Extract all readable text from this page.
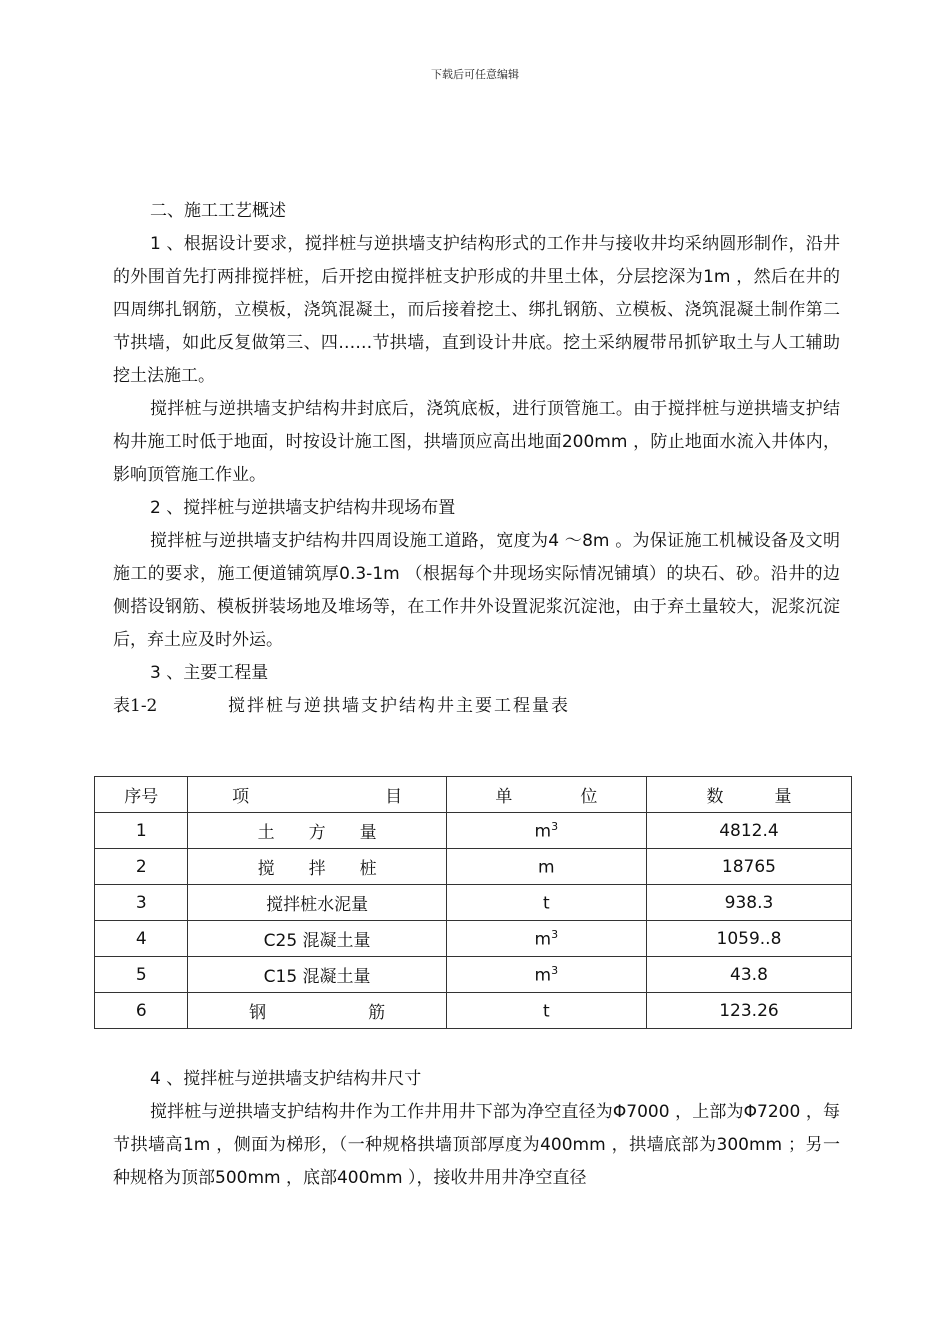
下载后可任意编辑

二、施工工艺概述

1 、根据设计要求，搅拌桩与逆拱墙支护结构形式的工作井与接收井均采纳圆形制作，沿井的外围首先打两排搅拌桩，后开挖由搅拌桩支护形成的井里土体，分层挖深为1m ，然后在井的四周绑扎钢筋，立模板，浇筑混凝土，而后接着挖土、绑扎钢筋、立模板、浇筑混凝土制作第二节拱墙，如此反复做第三、四……节拱墙，直到设计井底。挖土采纳履带吊抓铲取土与人工辅助挖土法施工。

搅拌桩与逆拱墙支护结构井封底后，浇筑底板，进行顶管施工。由于搅拌桩与逆拱墙支护结构井施工时低于地面，时按设计施工图，拱墙顶应高出地面200mm ，防止地面水流入井体内，影响顶管施工作业。

2 、搅拌桩与逆拱墙支护结构井现场布置

搅拌桩与逆拱墙支护结构井四周设施工道路，宽度为4 ～8m 。为保证施工机械设备及文明施工的要求，施工便道铺筑厚0.3-1m （根据每个井现场实际情况铺填）的块石、砂。沿井的边侧搭设钢筋、模板拼装场地及堆场等，在工作井外设置泥浆沉淀池，由于弃土量较大，泥浆沉淀后，弃土应及时外运。

3 、主要工程量

表1-2	搅拌桩与逆拱墙支护结构井主要工程量表
序号	项　　　　　　　　目	单　　　　位	数　　　量
1	土　　方　　量	$m^3$	4812.4
2	搅　　拌　　桩	m	18765
3	搅拌桩水泥量	t	938.3
4	C25 混凝土量	$m^3$	1059..8
5	C15 混凝土量	$m^3$	43.8
6	钢　　　　　　筋	t	123.26

4 、搅拌桩与逆拱墙支护结构井尺寸

搅拌桩与逆拱墙支护结构井作为工作井用井下部为净空直径为Φ7000 ，上部为Φ7200 ，每节拱墙高1m ，侧面为梯形，（一种规格拱墙顶部厚度为400mm ，拱墙底部为300mm ；另一种规格为顶部500mm ，底部400mm ），接收井用井净空直径
